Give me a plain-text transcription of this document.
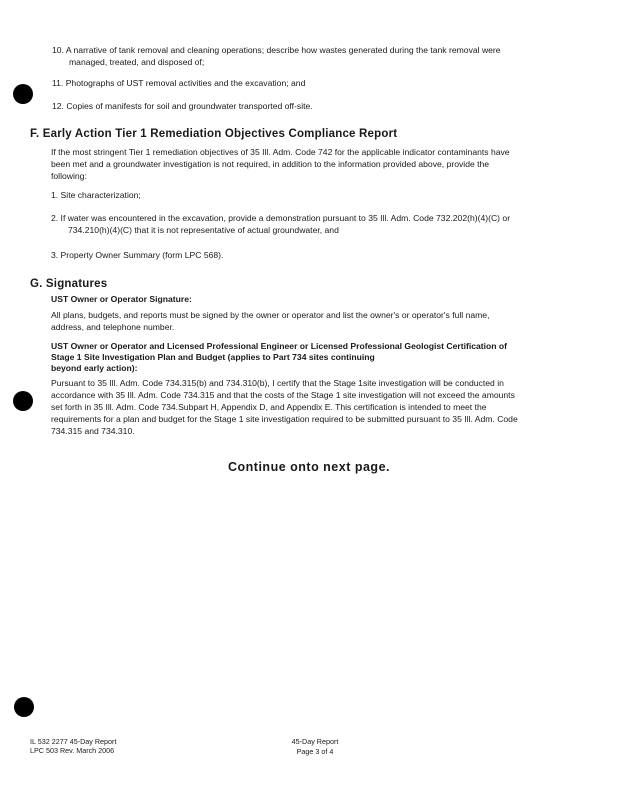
10. A narrative of tank removal and cleaning operations; describe how wastes generated during the tank removal were
managed, treated, and disposed of;
11. Photographs of UST removal activities and the excavation; and
12. Copies of manifests for soil and groundwater transported off-site.
F. Early Action Tier 1 Remediation Objectives Compliance Report
If the most stringent Tier 1 remediation objectives of 35 Ill. Adm. Code 742 for the applicable indicator contaminants have
been met and a groundwater investigation is not required, in addition to the information provided above, provide the
following:
1. Site characterization;
2. If water was encountered in the excavation, provide a demonstration pursuant to 35 Ill. Adm. Code 732.202(h)(4)(C) or
734.210(h)(4)(C) that it is not representative of actual groundwater, and
3. Property Owner Summary (form LPC 568).
G. Signatures
UST Owner or Operator Signature:
All plans, budgets, and reports must be signed by the owner or operator and list the owner's or operator's full name,
address, and telephone number.
UST Owner or Operator and Licensed Professional Engineer or Licensed Professional Geologist Certification of
Stage 1 Site Investigation Plan and Budget (applies to Part 734 sites continuing
beyond early action):
Pursuant to 35 Ill. Adm. Code 734.315(b) and 734.310(b), I certify that the Stage 1site investigation will be conducted in
accordance with 35 Ill. Adm. Code 734.315 and that the costs of the Stage 1 site investigation will not exceed the amounts
set forth in 35 Ill. Adm. Code 734.Subpart H, Appendix D, and Appendix E. This certification is intended to meet the
requirements for a plan and budget for the Stage 1 site investigation required to be submitted pursuant to 35 Ill. Adm. Code
734.315 and 734.310.
Continue onto next page.
IL 532 2277 45-Day Report
LPC 503 Rev. March 2006
45-Day Report
Page 3 of 4
